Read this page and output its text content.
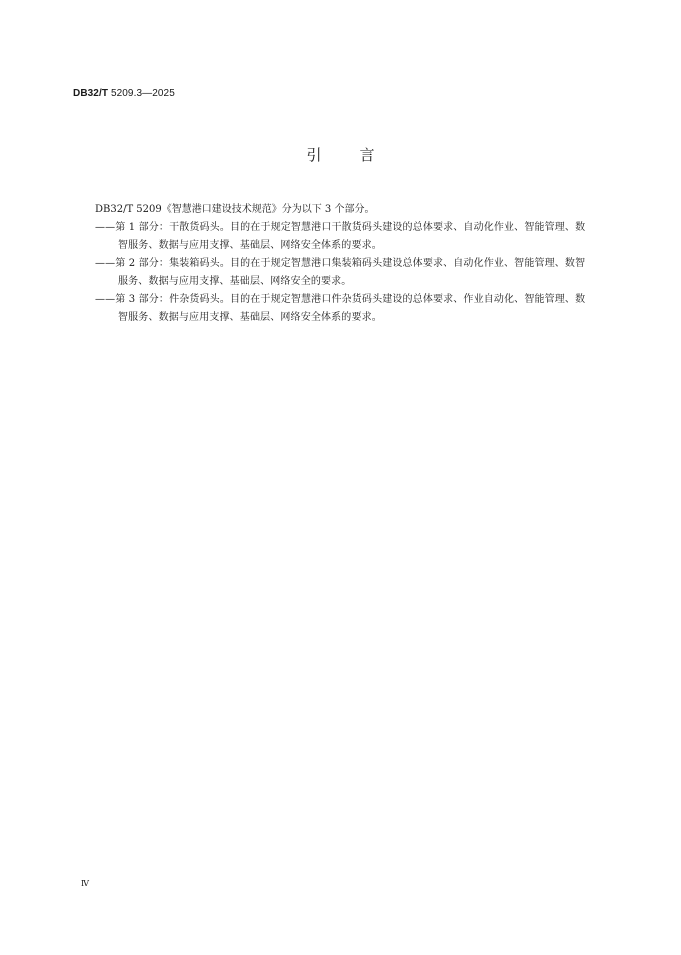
DB32/T 5209.3—2025
引	言

DB32/T 5209《智慧港口建设技术规范》分为以下 3 个部分。

——第 1 部分：干散货码头。目的在于规定智慧港口干散货码头建设的总体要求、自动化作业、智能管理、数智服务、数据与应用支撑、基础层、网络安全体系的要求。

——第 2 部分：集装箱码头。目的在于规定智慧港口集装箱码头建设总体要求、自动化作业、智能管理、数智服务、数据与应用支撑、基础层、网络安全的要求。

——第 3 部分：件杂货码头。目的在于规定智慧港口件杂货码头建设的总体要求、作业自动化、智能管理、数智服务、数据与应用支撑、基础层、网络安全体系的要求。

Ⅳ
